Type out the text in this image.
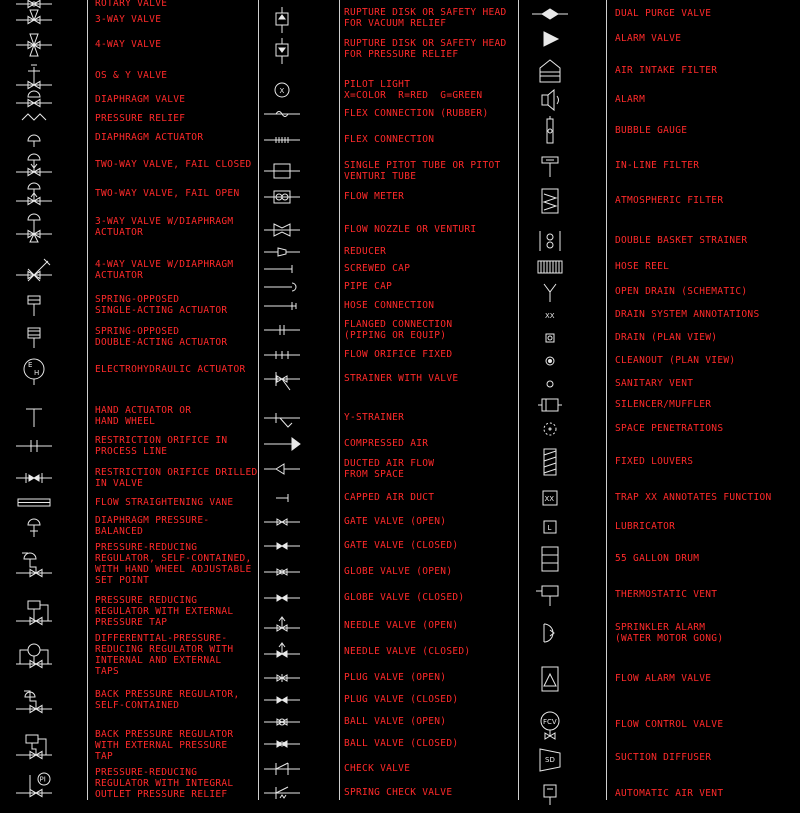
ROTARY VALVE
3-WAY VALVE
4-WAY VALVE
OS & Y VALVE
DIAPHRAGM VALVE
PRESSURE RELIEF
DIAPHRAGM ACTUATOR
TWO-WAY VALVE, FAIL CLOSED
TWO-WAY VALVE, FAIL OPEN
3-WAY VALVE W/DIAPHRAGM
ACTUATOR
4-WAY VALVE W/DIAPHRAGM
ACTUATOR
SPRING-OPPOSED
SINGLE-ACTING ACTUATOR
SPRING-OPPOSED
DOUBLE-ACTING ACTUATOR
E
H	ELECTROHYDRAULIC ACTUATOR
HAND ACTUATOR OR
HAND WHEEL
RESTRICTION ORIFICE IN
PROCESS LINE
RESTRICTION ORIFICE DRILLED
IN VALVE
FLOW STRAIGHTENING VANE
DIAPHRAGM PRESSURE-
BALANCED
PRESSURE-REDUCING
REGULATOR, SELF-CONTAINED,
WITH HAND WHEEL ADJUSTABLE
SET POINT
PRESSURE REDUCING
REGULATOR WITH EXTERNAL
PRESSURE TAP
DIFFERENTIAL-PRESSURE-
REDUCING REGULATOR WITH
INTERNAL AND EXTERNAL
TAPS
BACK PRESSURE REGULATOR,
SELF-CONTAINED
BACK PRESSURE REGULATOR
WITH EXTERNAL PRESSURE
TAP
PI
PRESSURE-REDUCING
REGULATOR WITH INTEGRAL
OUTLET PRESSURE RELIEF
RUPTURE DISK OR SAFETY HEAD
FOR VACUUM RELIEF
RUPTURE DISK OR SAFETY HEAD
FOR PRESSURE RELIEF
X
PILOT LIGHT
X=COLOR  R=RED  G=GREEN
FLEX CONNECTION (RUBBER)
FLEX CONNECTION
SINGLE PITOT TUBE OR PITOT
VENTURI TUBE
FLOW METER
FLOW NOZZLE OR VENTURI
REDUCER
SCREWED CAP
PIPE CAP
HOSE CONNECTION
FLANGED CONNECTION
(PIPING OR EQUIP)
FLOW ORIFICE FIXED
STRAINER WITH VALVE
Y-STRAINER
COMPRESSED AIR
DUCTED AIR FLOW
FROM SPACE
CAPPED AIR DUCT
GATE VALVE (OPEN)
GATE VALVE (CLOSED)
GLOBE VALVE (OPEN)
GLOBE VALVE (CLOSED)
NEEDLE VALVE (OPEN)
NEEDLE VALVE (CLOSED)
PLUG VALVE (OPEN)
PLUG VALVE (CLOSED)
BALL VALVE (OPEN)
BALL VALVE (CLOSED)
CHECK VALVE
SPRING CHECK VALVE
DUAL PURGE VALVE
ALARM VALVE
AIR INTAKE FILTER
ALARM
BUBBLE GAUGE
IN-LINE FILTER
ATMOSPHERIC FILTER
DOUBLE BASKET STRAINER
HOSE REEL
OPEN DRAIN (SCHEMATIC)
XX	DRAIN SYSTEM ANNOTATIONS
DRAIN (PLAN VIEW)
CLEANOUT (PLAN VIEW)
SANITARY VENT
SILENCER/MUFFLER
SPACE PENETRATIONS
FIXED LOUVERS
XX	TRAP XX ANNOTATES FUNCTION
L	LUBRICATOR
55 GALLON DRUM
THERMOSTATIC VENT
SPRINKLER ALARM
(WATER MOTOR GONG)
FLOW ALARM VALVE
FCV	FLOW CONTROL VALVE
SD	SUCTION DIFFUSER
AUTOMATIC AIR VENT
